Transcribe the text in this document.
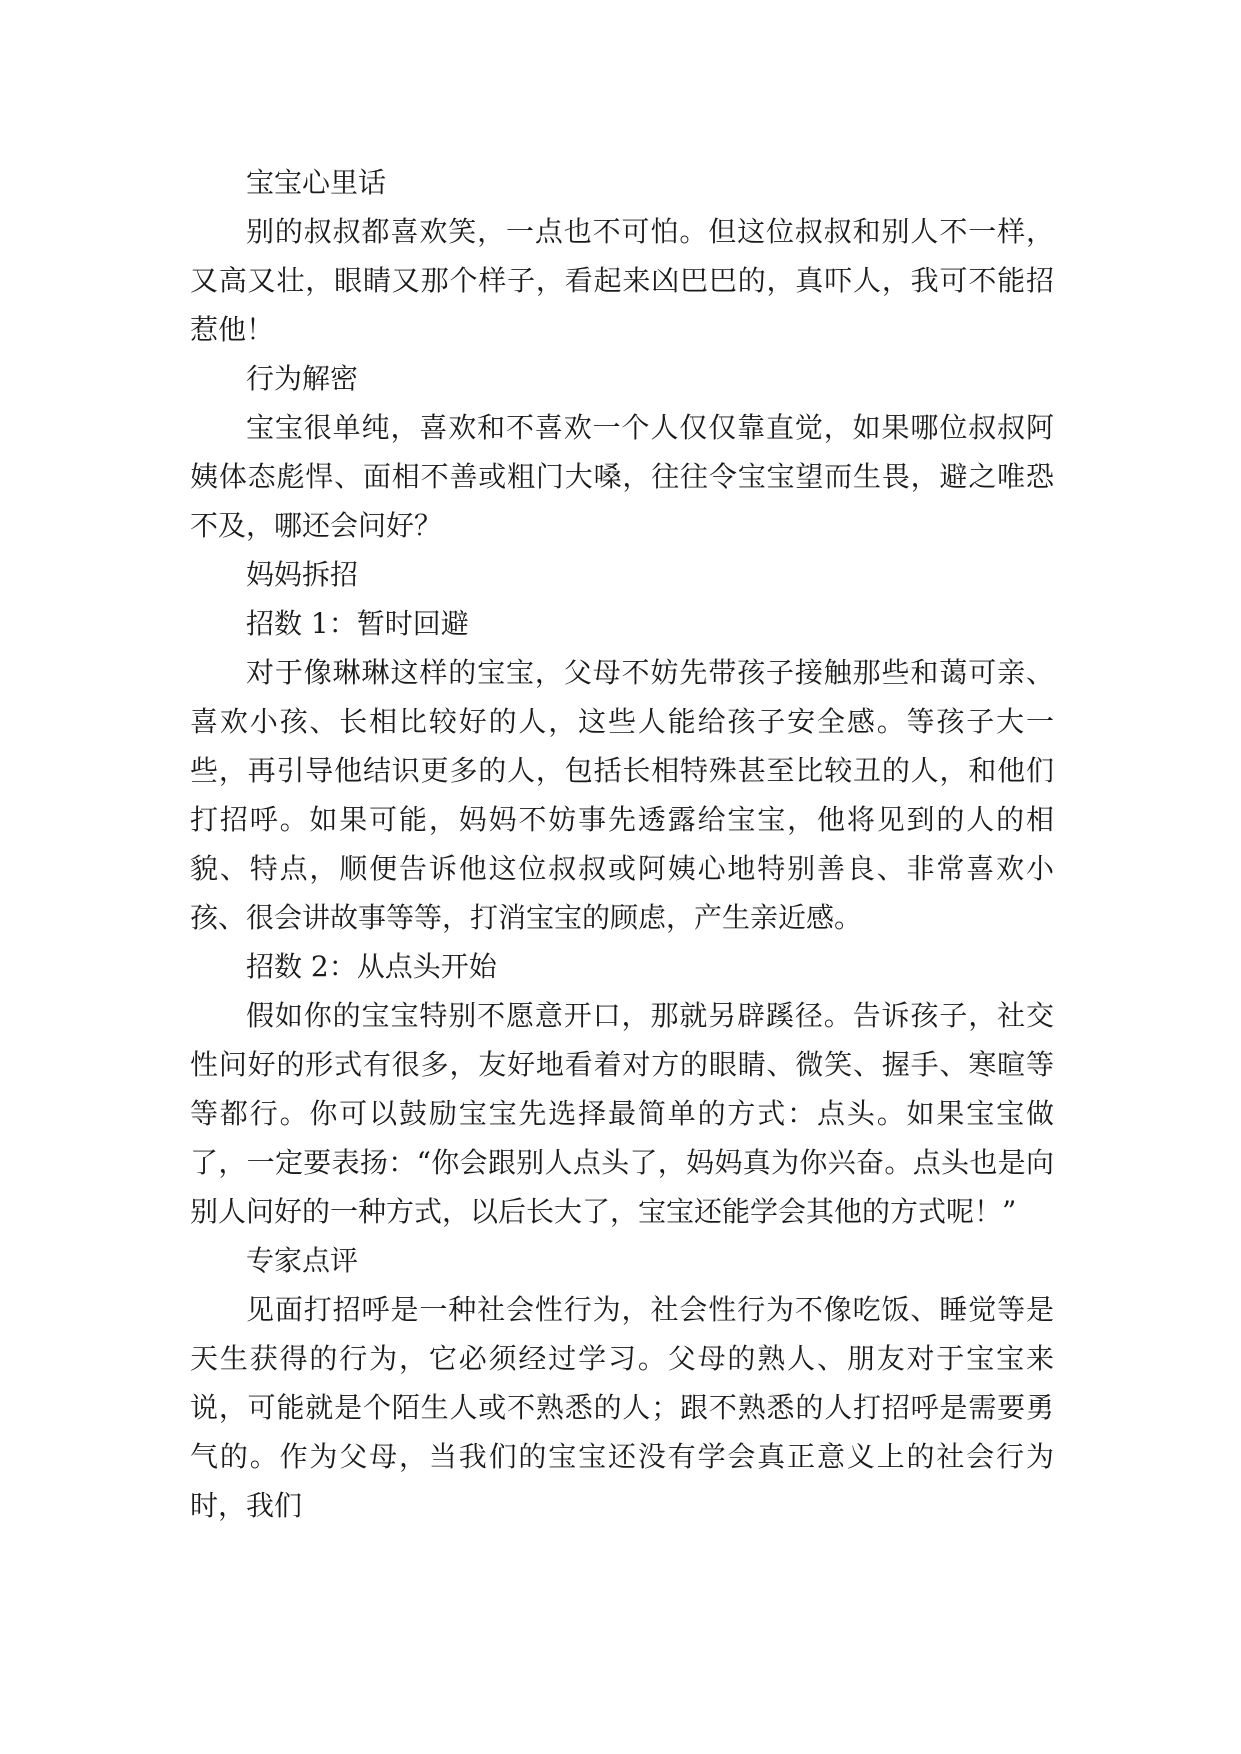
宝宝心里话

别的叔叔都喜欢笑，一点也不可怕。但这位叔叔和别人不一样，又高又壮，眼睛又那个样子，看起来凶巴巴的，真吓人，我可不能招惹他！

行为解密

宝宝很单纯，喜欢和不喜欢一个人仅仅靠直觉，如果哪位叔叔阿姨体态彪悍、面相不善或粗门大嗓，往往令宝宝望而生畏，避之唯恐不及，哪还会问好？

妈妈拆招

招数 1：暂时回避

对于像琳琳这样的宝宝，父母不妨先带孩子接触那些和蔼可亲、喜欢小孩、长相比较好的人，这些人能给孩子安全感。等孩子大一些，再引导他结识更多的人，包括长相特殊甚至比较丑的人，和他们打招呼。如果可能，妈妈不妨事先透露给宝宝，他将见到的人的相貌、特点，顺便告诉他这位叔叔或阿姨心地特别善良、非常喜欢小孩、很会讲故事等等，打消宝宝的顾虑，产生亲近感。

招数 2：从点头开始

假如你的宝宝特别不愿意开口，那就另辟蹊径。告诉孩子，社交性问好的形式有很多，友好地看着对方的眼睛、微笑、握手、寒暄等等都行。你可以鼓励宝宝先选择最简单的方式：点头。如果宝宝做了，一定要表扬：“你会跟别人点头了，妈妈真为你兴奋。点头也是向别人问好的一种方式，以后长大了，宝宝还能学会其他的方式呢！”

专家点评

见面打招呼是一种社会性行为，社会性行为不像吃饭、睡觉等是天生获得的行为，它必须经过学习。父母的熟人、朋友对于宝宝来说，可能就是个陌生人或不熟悉的人；跟不熟悉的人打招呼是需要勇气的。作为父母，当我们的宝宝还没有学会真正意义上的社会行为时，我们
